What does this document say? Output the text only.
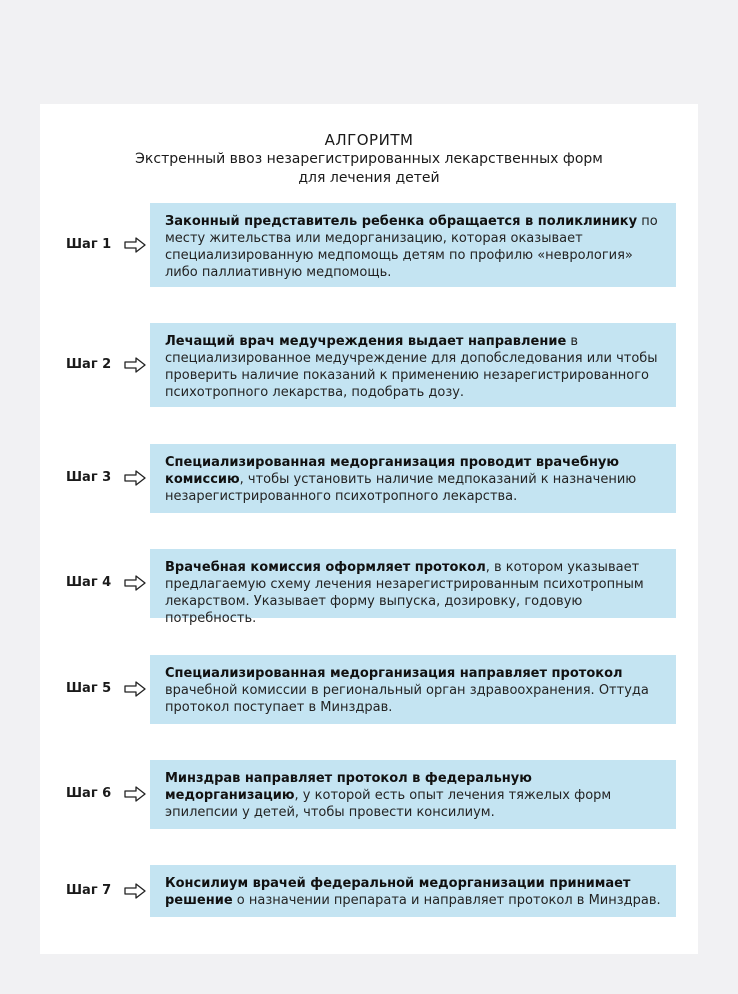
АЛГОРИТМ
Экстренный ввоз незарегистрированных лекарственных форм
для лечения детей
Шаг 1
Законный представитель ребенка обращается в поликлинику по месту жительства или медорганизацию, которая оказывает специализированную медпомощь детям по профилю «неврология» либо паллиативную медпомощь.
Шаг 2
Лечащий врач медучреждения выдает направление в специализированное медучреждение для допобследования или чтобы проверить наличие показаний к применению незарегистрированного психотропного лекарства, подобрать дозу.
Шаг 3
Специализированная медорганизация проводит врачебную комиссию, чтобы установить наличие медпоказаний к назначению незарегистрированного психотропного лекарства.
Шаг 4
Врачебная комиссия оформляет протокол, в котором указывает предлагаемую схему лечения незарегистрированным психотропным лекарством. Указывает форму выпуска, дозировку, годовую потребность.
Шаг 5
Специализированная медорганизация направляет протокол врачебной комиссии в региональный орган здравоохранения. Оттуда протокол поступает в Минздрав.
Шаг 6
Минздрав направляет протокол в федеральную медорганизацию, у которой есть опыт лечения тяжелых форм эпилепсии у детей, чтобы провести консилиум.
Шаг 7	Консилиум врачей федеральной медорганизации принимает решение о назначении препарата и направляет протокол в Минздрав.
